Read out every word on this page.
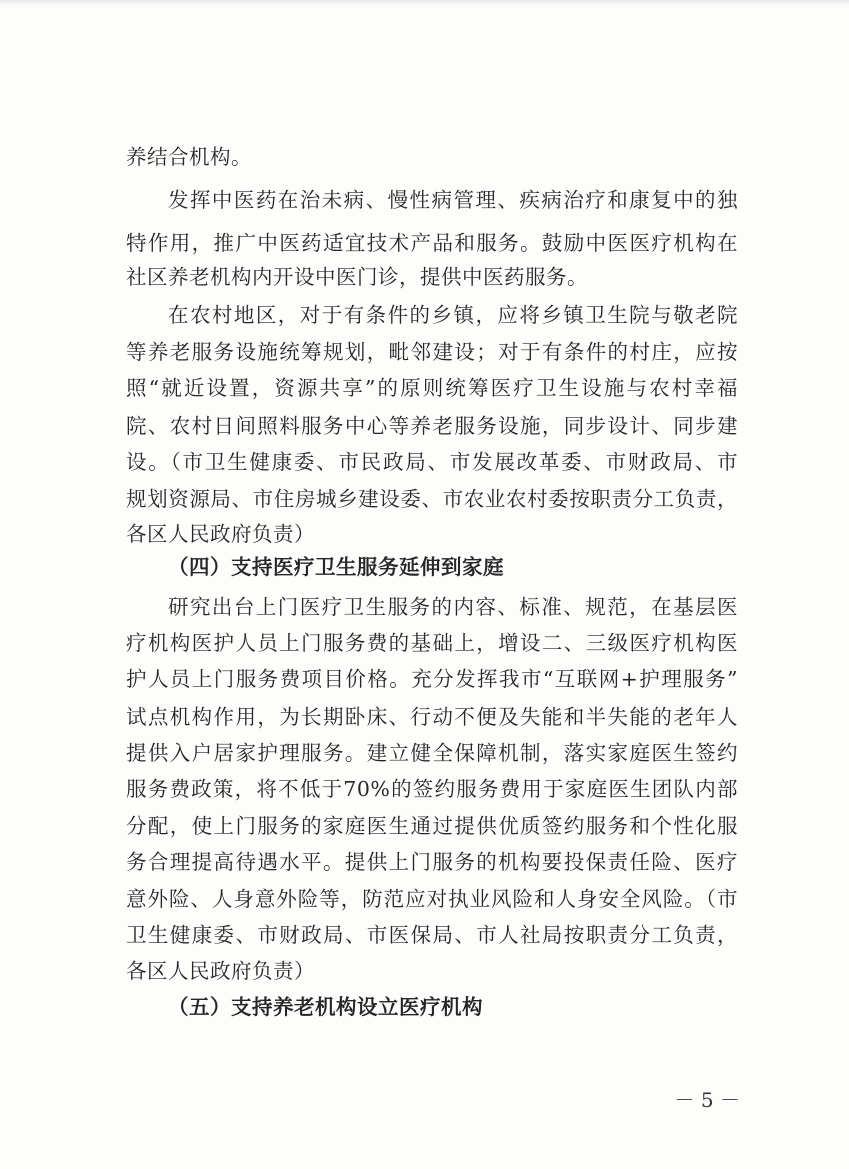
养结合机构。
发挥中医药在治未病、慢性病管理、疾病治疗和康复中的独
特作用，推广中医药适宜技术产品和服务。鼓励中医医疗机构在
社区养老机构内开设中医门诊，提供中医药服务。
在农村地区，对于有条件的乡镇，应将乡镇卫生院与敬老院
等养老服务设施统筹规划，毗邻建设；对于有条件的村庄，应按
照“就近设置，资源共享”的原则统筹医疗卫生设施与农村幸福
院、农村日间照料服务中心等养老服务设施，同步设计、同步建
设。（市卫生健康委、市民政局、市发展改革委、市财政局、市
规划资源局、市住房城乡建设委、市农业农村委按职责分工负责，
各区人民政府负责）
（四）支持医疗卫生服务延伸到家庭
研究出台上门医疗卫生服务的内容、标准、规范，在基层医
疗机构医护人员上门服务费的基础上，增设二、三级医疗机构医
护人员上门服务费项目价格。充分发挥我市“互联网+护理服务”
试点机构作用，为长期卧床、行动不便及失能和半失能的老年人
提供入户居家护理服务。建立健全保障机制，落实家庭医生签约
服务费政策，将不低于70%的签约服务费用于家庭医生团队内部
分配，使上门服务的家庭医生通过提供优质签约服务和个性化服
务合理提高待遇水平。提供上门服务的机构要投保责任险、医疗
意外险、人身意外险等，防范应对执业风险和人身安全风险。（市
卫生健康委、市财政局、市医保局、市人社局按职责分工负责，
各区人民政府负责）
（五）支持养老机构设立医疗机构
－ 5 －
